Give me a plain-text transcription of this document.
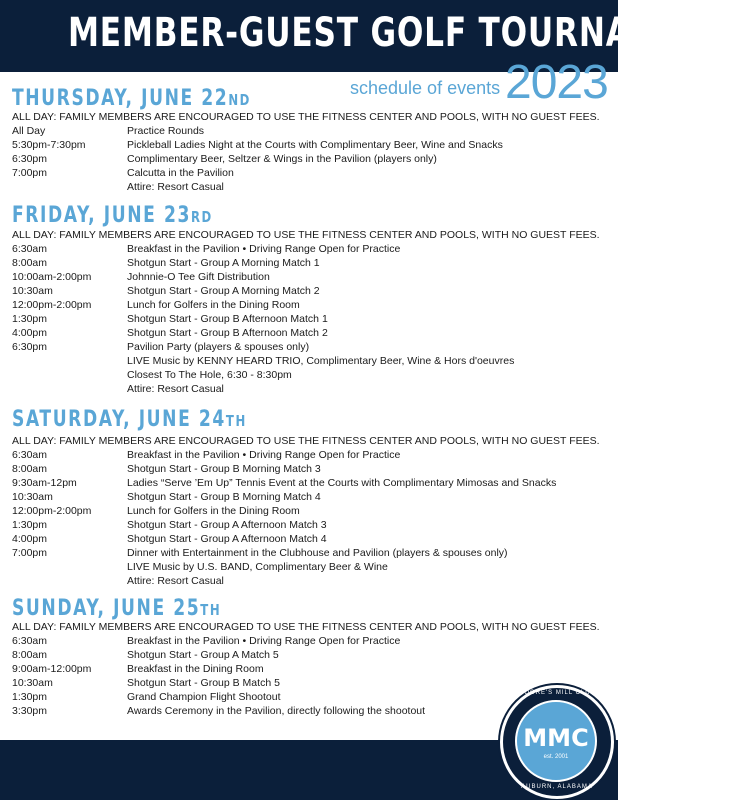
MEMBER-GUEST GOLF TOURNAMENT
schedule of events 2023
THURSDAY, JUNE 22ND
ALL DAY: FAMILY MEMBERS ARE ENCOURAGED TO USE THE FITNESS CENTER AND POOLS, WITH NO GUEST FEES.
All Day	Practice Rounds
5:30pm-7:30pm	Pickleball Ladies Night at the Courts with Complimentary Beer, Wine and Snacks
6:30pm	Complimentary Beer, Seltzer & Wings in the Pavilion (players only)
7:00pm	Calcutta in the Pavilion
Attire: Resort Casual
FRIDAY, JUNE 23RD
ALL DAY: FAMILY MEMBERS ARE ENCOURAGED TO USE THE FITNESS CENTER AND POOLS, WITH NO GUEST FEES.
6:30am	Breakfast in the Pavilion • Driving Range Open for Practice
8:00am	Shotgun Start - Group A Morning Match 1
10:00am-2:00pm	Johnnie-O Tee Gift Distribution
10:30am	Shotgun Start - Group A Morning Match 2
12:00pm-2:00pm	Lunch for Golfers in the Dining Room
1:30pm	Shotgun Start - Group B Afternoon Match 1
4:00pm	Shotgun Start - Group B Afternoon Match 2
6:30pm	Pavilion Party (players & spouses only)
LIVE Music by KENNY HEARD TRIO, Complimentary Beer, Wine & Hors d'oeuvres
Closest To The Hole, 6:30 - 8:30pm
Attire: Resort Casual
SATURDAY, JUNE 24TH
ALL DAY: FAMILY MEMBERS ARE ENCOURAGED TO USE THE FITNESS CENTER AND POOLS, WITH NO GUEST FEES.
6:30am	Breakfast in the Pavilion • Driving Range Open for Practice
8:00am	Shotgun Start - Group B Morning Match 3
9:30am-12pm	Ladies “Serve ’Em Up” Tennis Event at the Courts with Complimentary Mimosas and Snacks
10:30am	Shotgun Start - Group B Morning Match 4
12:00pm-2:00pm	Lunch for Golfers in the Dining Room
1:30pm	Shotgun Start - Group A Afternoon Match 3
4:00pm	Shotgun Start - Group A Afternoon Match 4
7:00pm	Dinner with Entertainment in the Clubhouse and Pavilion (players & spouses only)
LIVE Music by U.S. BAND, Complimentary Beer & Wine
Attire: Resort Casual
SUNDAY, JUNE 25TH
ALL DAY: FAMILY MEMBERS ARE ENCOURAGED TO USE THE FITNESS CENTER AND POOLS, WITH NO GUEST FEES.
6:30am	Breakfast in the Pavilion • Driving Range Open for Practice
8:00am	Shotgun Start - Group A Match 5
9:00am-12:00pm	Breakfast in the Dining Room
10:30am	Shotgun Start - Group B Match 5
1:30pm	Grand Champion Flight Shootout
3:30pm	Awards Ceremony in the Pavilion, directly following the shootout
MOORE'S MILL CLUB
MMC
est. 2001
AUBURN, ALABAMA
